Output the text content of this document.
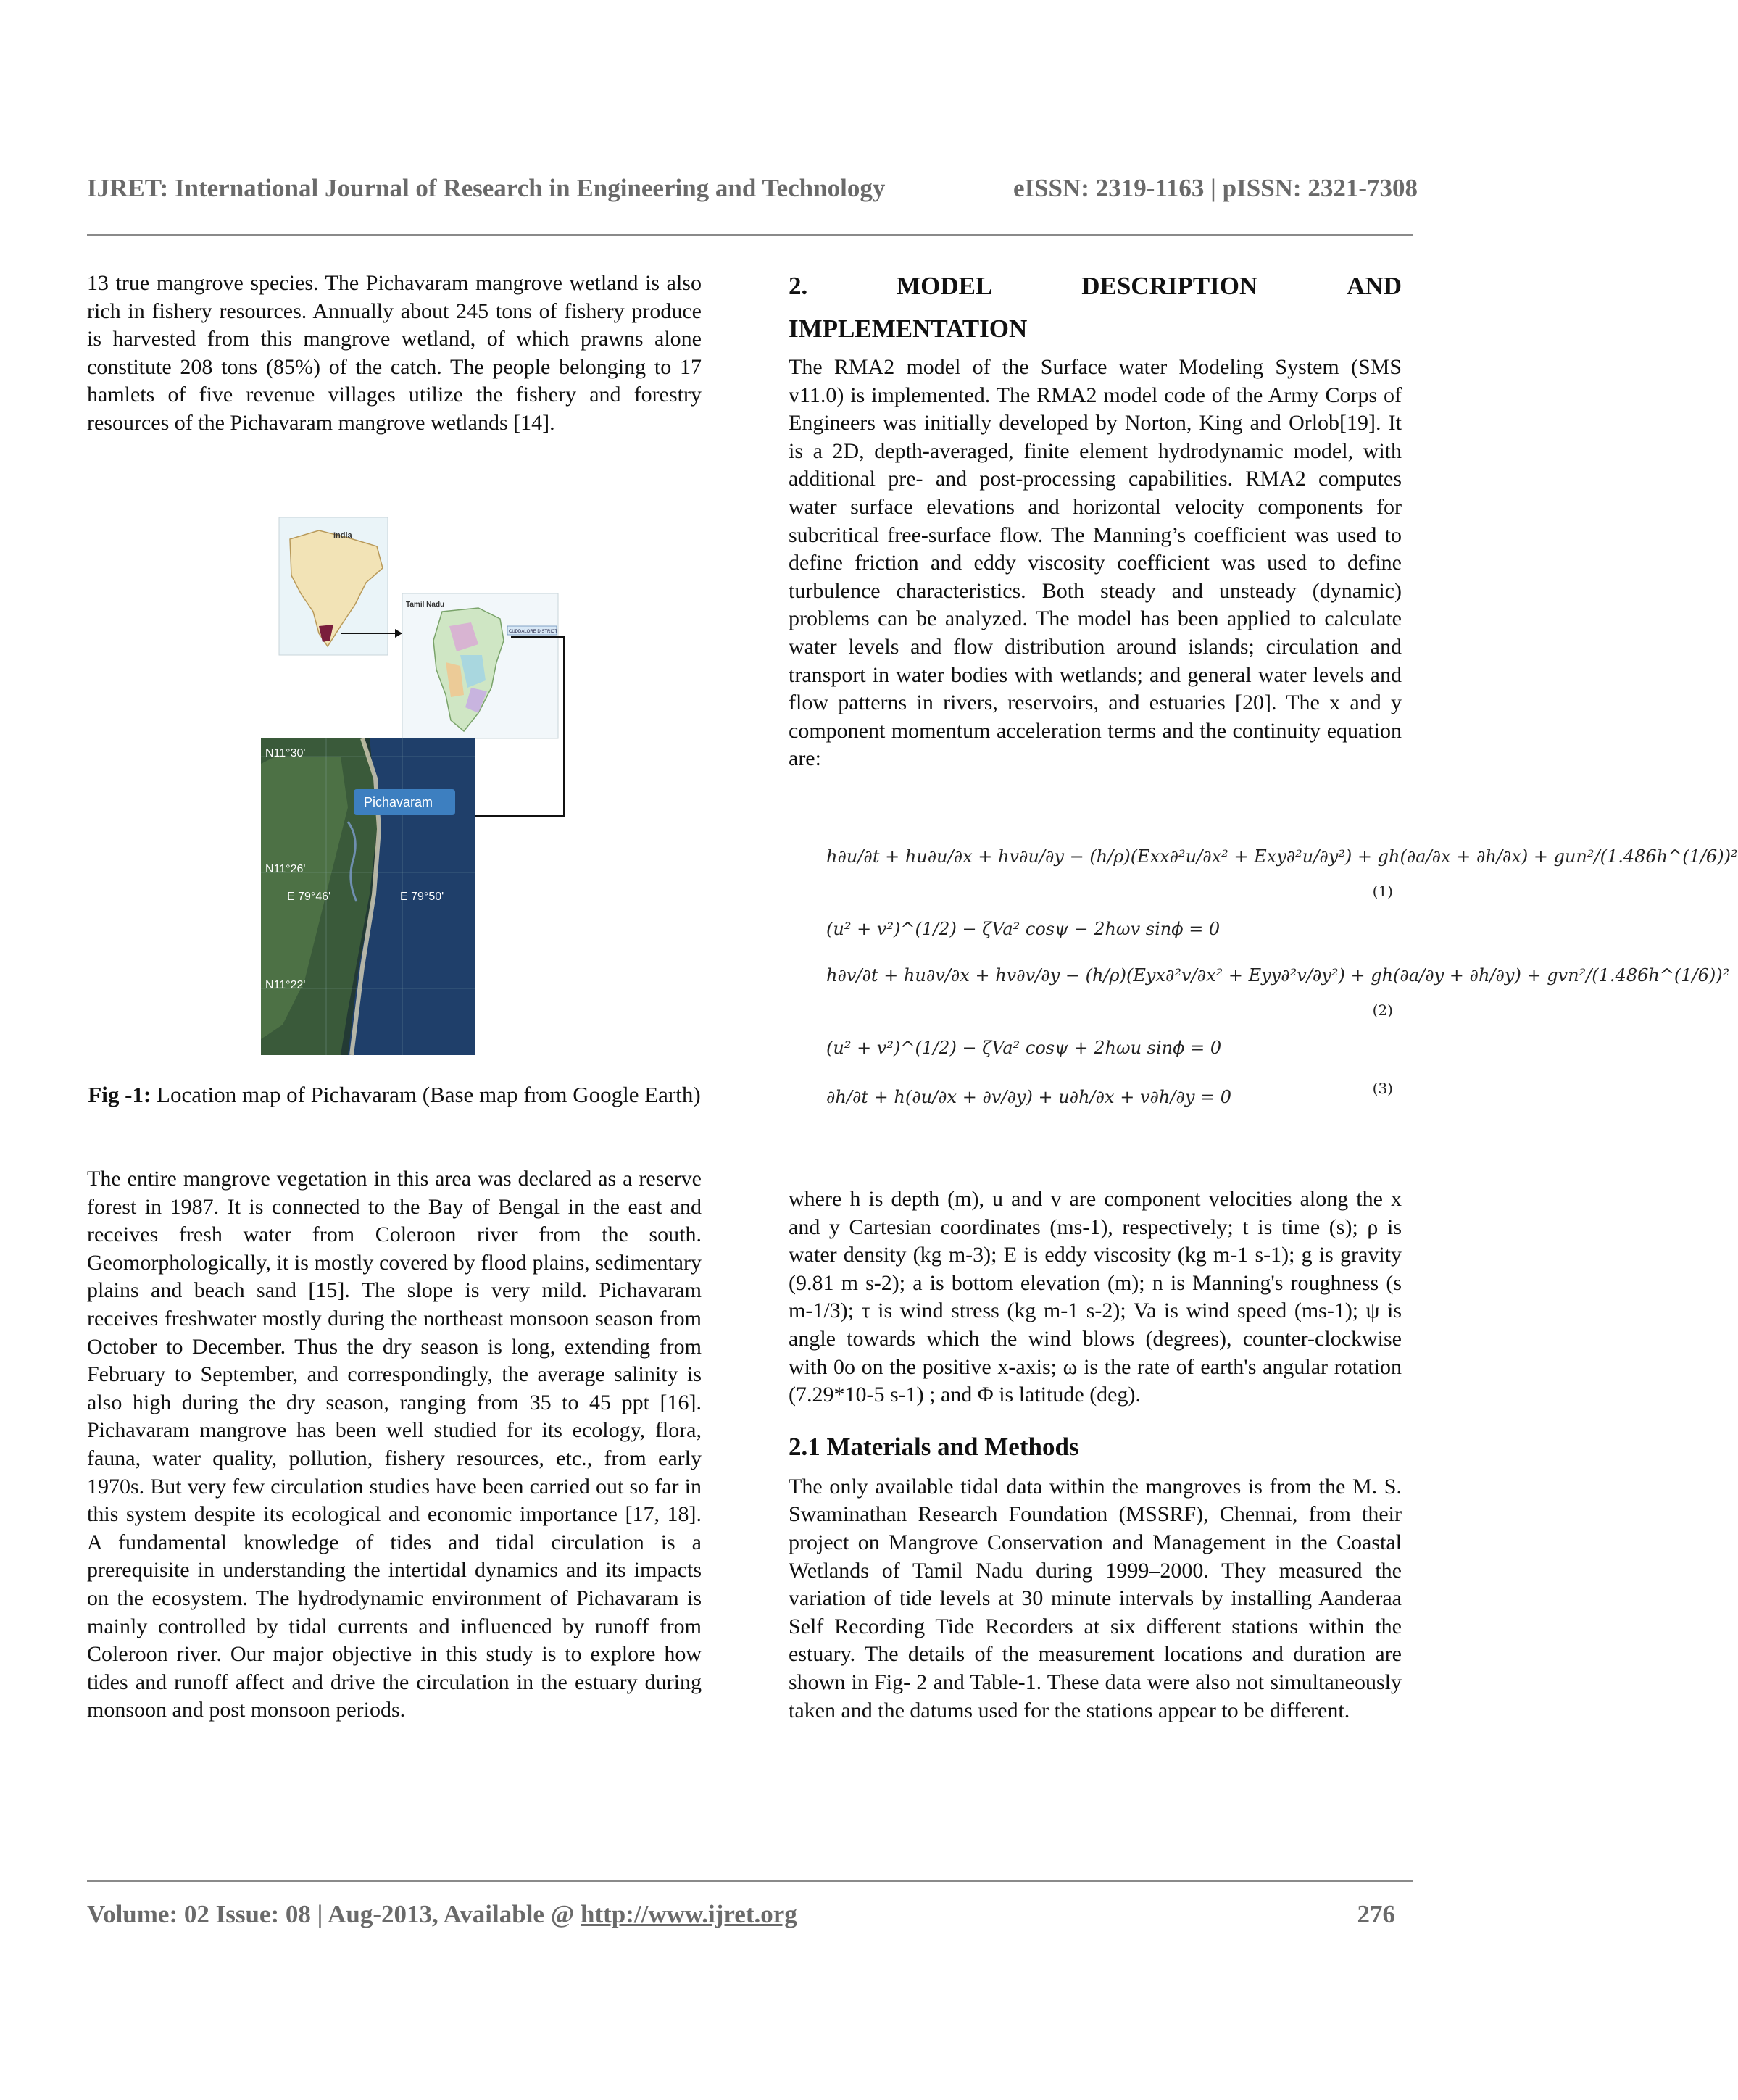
IJRET: International Journal of Research in Engineering and Technology	eISSN: 2319-1163 | pISSN: 2321-7308

13 true mangrove species. The Pichavaram mangrove wetland is also rich in fishery resources. Annually about 245 tons of fishery produce is harvested from this mangrove wetland, of which prawns alone constitute 208 tons (85%) of the catch. The people belonging to 17 hamlets of five revenue villages utilize the fishery and forestry resources of the Pichavaram mangrove wetlands [14].

India
Tamil Nadu
CUDDALORE DISTRICT
N11°30'
N11°26'
N11°22'
E 79°46'	E 79°50'
Pichavaram
Fig -1: Location map of Pichavaram (Base map from Google Earth)

The entire mangrove vegetation in this area was declared as a reserve forest in 1987. It is connected to the Bay of Bengal in the east and receives fresh water from Coleroon river from the south. Geomorphologically, it is mostly covered by flood plains, sedimentary plains and beach sand [15]. The slope is very mild. Pichavaram receives freshwater mostly during the northeast monsoon season from October to December. Thus the dry season is long, extending from February to September, and correspondingly, the average salinity is also high during the dry season, ranging from 35 to 45 ppt [16]. Pichavaram mangrove has been well studied for its ecology, flora, fauna, water quality, pollution, fishery resources, etc., from early 1970s. But very few circulation studies have been carried out so far in this system despite its ecological and economic importance [17, 18]. A fundamental knowledge of tides and tidal circulation is a prerequisite in understanding the intertidal dynamics and its impacts on the ecosystem. The hydrodynamic environment of Pichavaram is mainly controlled by tidal currents and influenced by runoff from Coleroon river. Our major objective in this study is to explore how tides and runoff affect and drive the circulation in the estuary during monsoon and post monsoon periods.

2.	MODEL	DESCRIPTION	AND
IMPLEMENTATION

The RMA2 model of the Surface water Modeling System (SMS v11.0) is implemented. The RMA2 model code of the Army Corps of Engineers was initially developed by Norton, King and Orlob[19]. It is a 2D, depth-averaged, finite element hydrodynamic model, with additional pre- and post-processing capabilities. RMA2 computes water surface elevations and horizontal velocity components for subcritical free-surface flow. The Manning’s coefficient was used to define friction and eddy viscosity coefficient was used to define turbulence characteristics. Both steady and unsteady (dynamic) problems can be analyzed. The model has been applied to calculate water levels and flow distribution around islands; circulation and transport in water bodies with wetlands; and general water levels and flow patterns in rivers, reservoirs, and estuaries [20]. The x and y component momentum acceleration terms and the continuity equation are:

h∂u/∂t + hu∂u/∂x + hv∂u/∂y − (h/ρ)(Exx∂²u/∂x² + Exy∂²u/∂y²) + gh(∂a/∂x + ∂h/∂x) + gun²/(1.486h^(1/6))²
(1)
(u² + v²)^(1/2) − ζVa² cosψ − 2hωv sinϕ = 0
h∂v/∂t + hu∂v/∂x + hv∂v/∂y − (h/ρ)(Eyx∂²v/∂x² + Eyy∂²v/∂y²) + gh(∂a/∂y + ∂h/∂y) + gvn²/(1.486h^(1/6))²
(2)
(u² + v²)^(1/2) − ζVa² cosψ + 2hωu sinϕ = 0
∂h/∂t + h(∂u/∂x + ∂v/∂y) + u∂h/∂x + v∂h/∂y = 0	(3)

where h is depth (m), u and v are component velocities along the x and y Cartesian coordinates (ms-1), respectively; t is time (s); ρ is water density (kg m-3); E is eddy viscosity (kg m-1 s-1); g is gravity (9.81 m s-2); a is bottom elevation (m); n is Manning's roughness (s m-1/3); τ is wind stress (kg m-1 s-2); Va is wind speed (ms-1); ψ is angle towards which the wind blows (degrees), counter-clockwise with 0o on the positive x-axis; ω is the rate of earth's angular rotation (7.29*10-5 s-1) ; and Φ is latitude (deg).

2.1 Materials and Methods

The only available tidal data within the mangroves is from the M. S. Swaminathan Research Foundation (MSSRF), Chennai, from their project on Mangrove Conservation and Management in the Coastal Wetlands of Tamil Nadu during 1999–2000. They measured the variation of tide levels at 30 minute intervals by installing Aanderaa Self Recording Tide Recorders at six different stations within the estuary. The details of the measurement locations and duration are shown in Fig- 2 and Table-1. These data were also not simultaneously taken and the datums used for the stations appear to be different.

Volume: 02 Issue: 08 | Aug-2013, Available @ http://www.ijret.org	276
